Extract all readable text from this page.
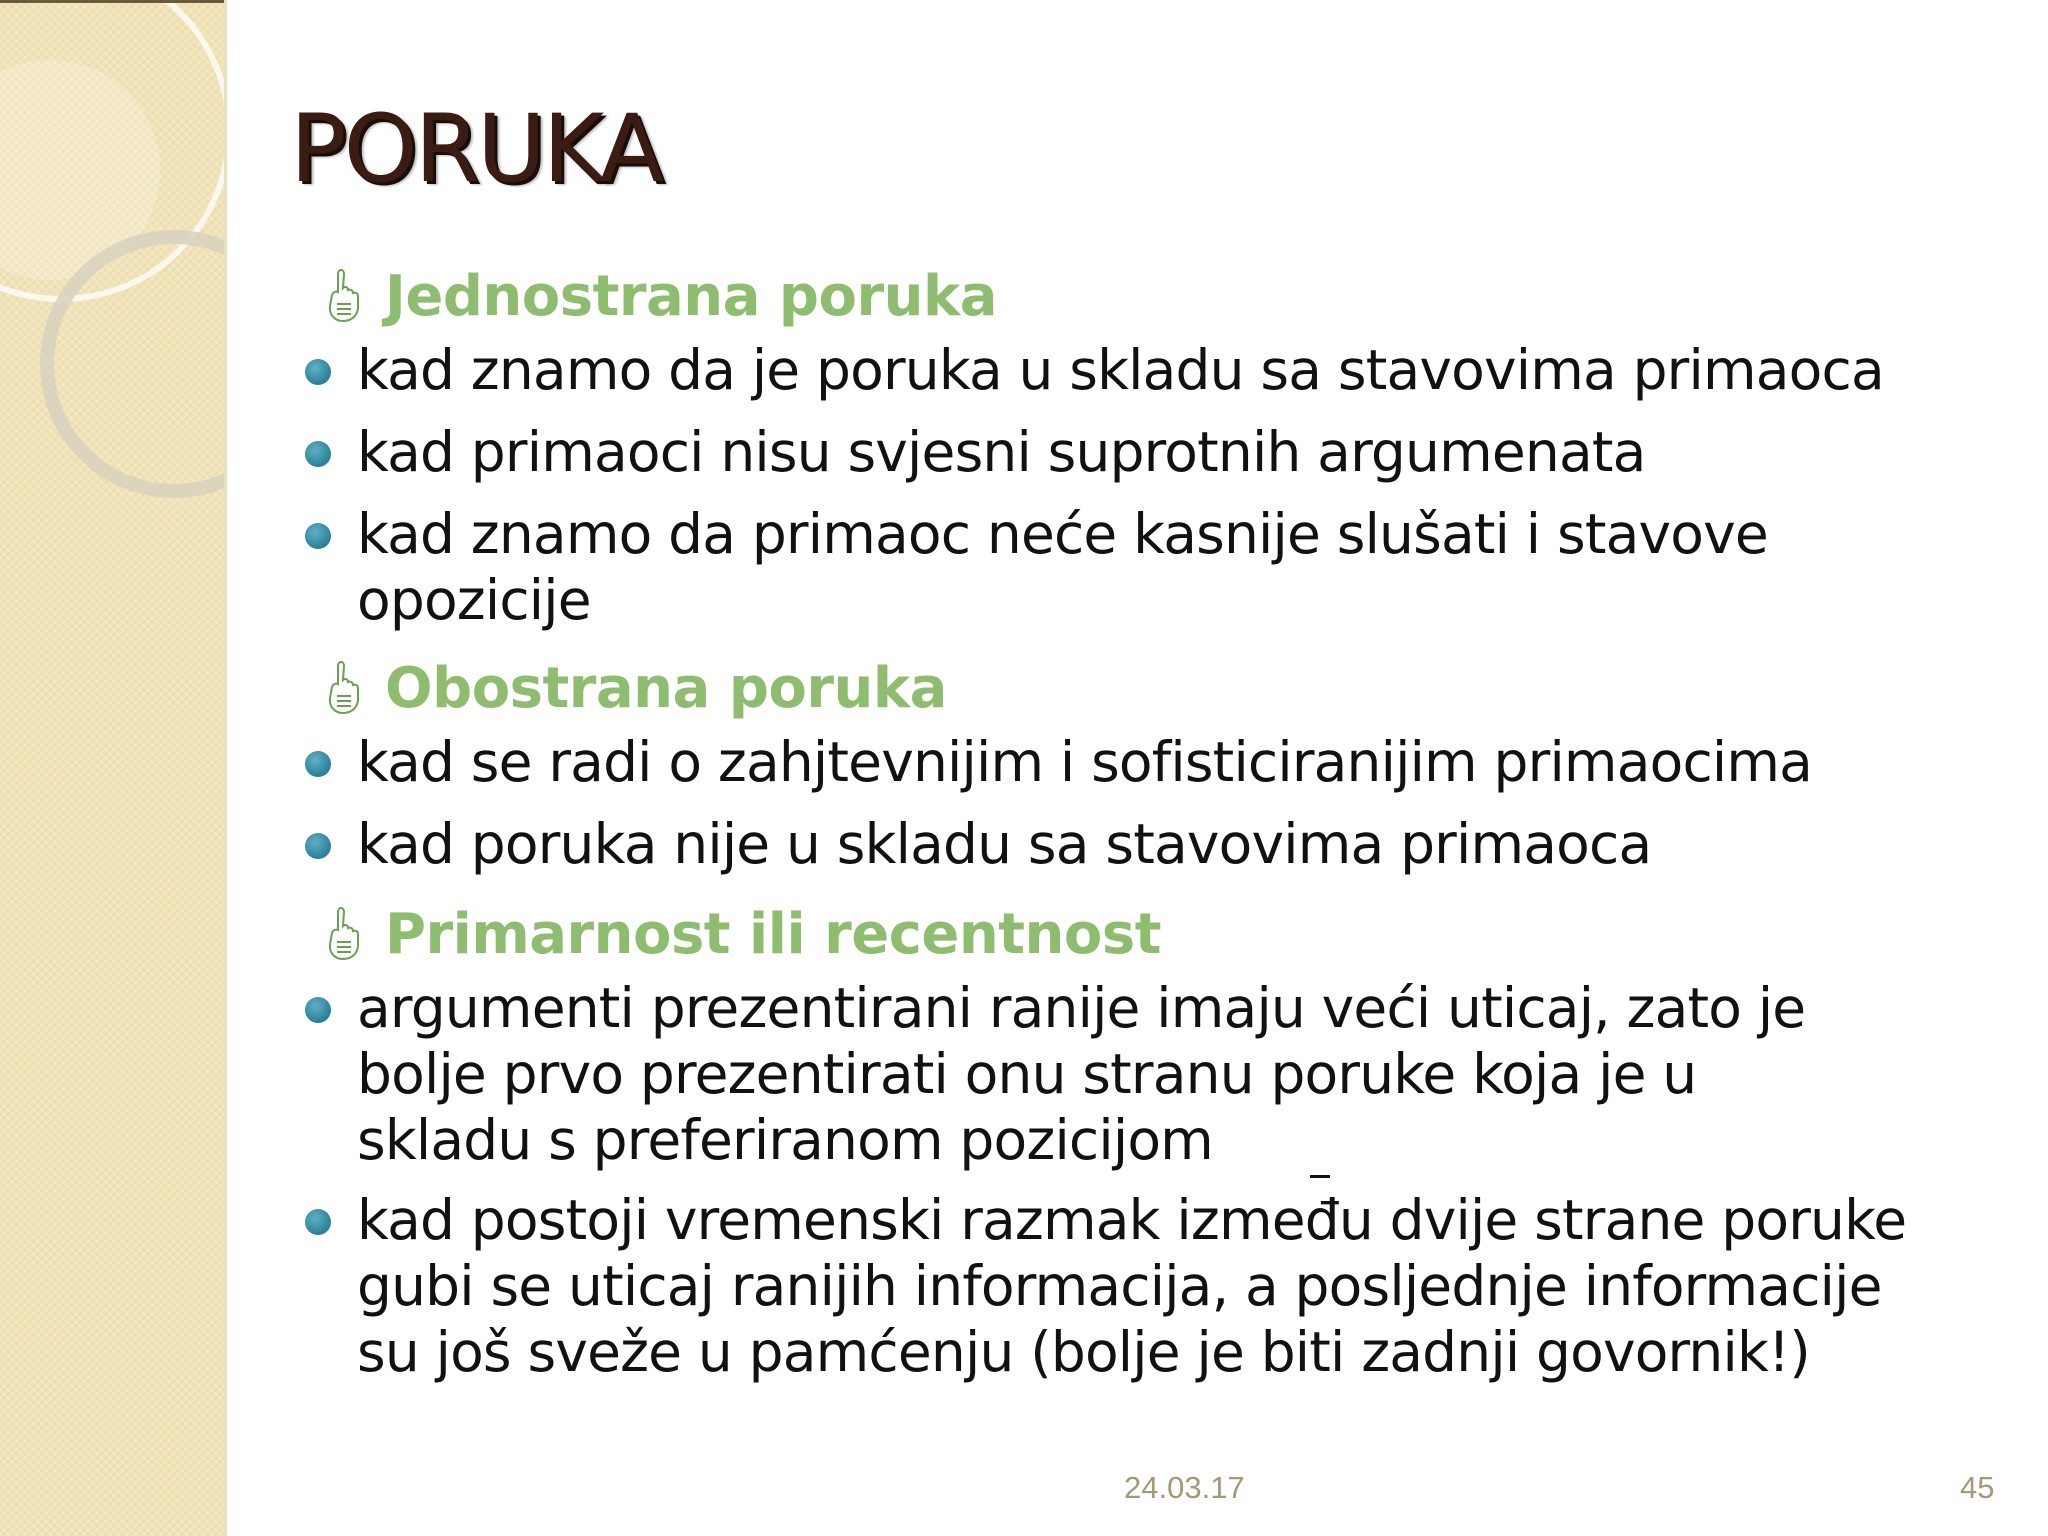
PORUKA
Jednostrana poruka
kad znamo da je poruka u skladu sa stavovima primaoca
kad primaoci nisu svjesni suprotnih argumenata
kad znamo da primaoc neće kasnije slušati i stavove opozicije
Obostrana poruka
kad se radi o zahjtevnijim i sofisticiranijim primaocima
kad poruka nije u skladu sa stavovima primaoca
Primarnost ili recentnost
argumenti prezentirani ranije imaju veći uticaj, zato je bolje prvo prezentirati onu stranu poruke koja je u skladu s preferiranom pozicijom
kad postoji vremenski razmak između dvije strane poruke gubi se uticaj ranijih informacija, a posljednje informacije su još sveže u pamćenju (bolje je biti zadnji govornik!)
24.03.17	45
